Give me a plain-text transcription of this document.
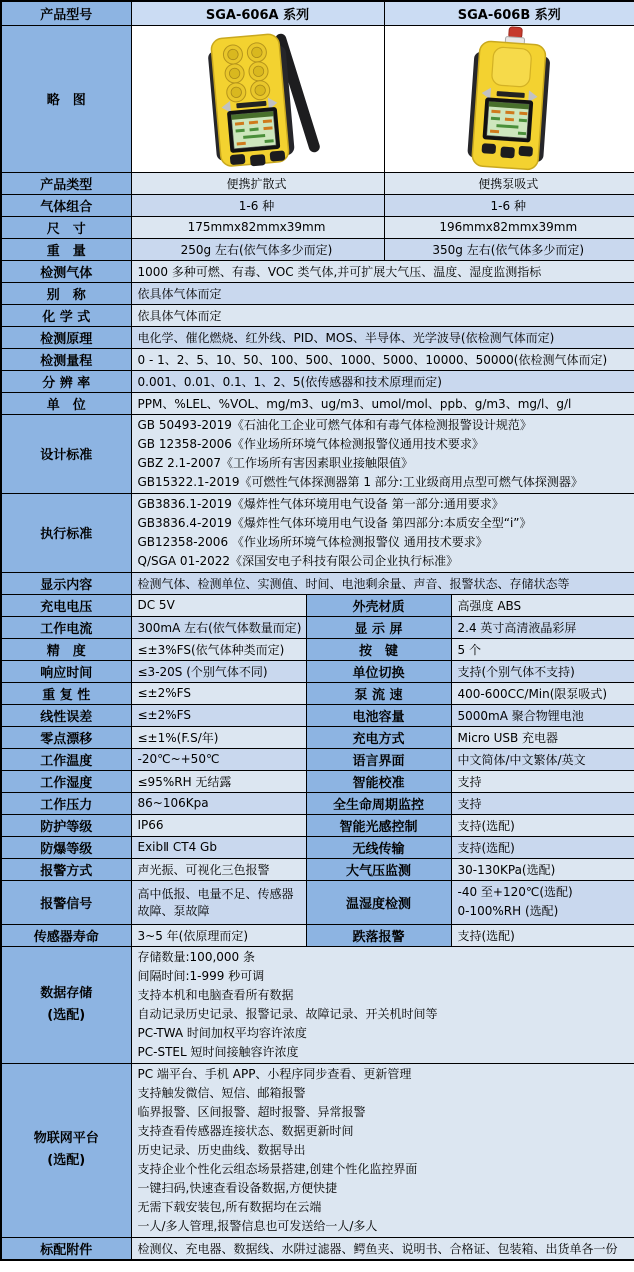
产品型号	SGA-606A 系列		SGA-606B 系列	
略　图	

产品类型	便携扩散式		便携泵吸式	
气体组合	1-6 种		1-6 种	
尺　寸	175mmx82mmx39mm		196mmx82mmx39mm	
重　量	250g 左右(依气体多少而定)		350g 左右(依气体多少而定)	
检测气体	1000 多种可燃、有毒、VOC 类气体,并可扩展大气压、温度、湿度监测指标			
别　称	依具体气体而定			
化 学 式	依具体气体而定			
检测原理	电化学、催化燃烧、红外线、PID、MOS、半导体、光学波导(依检测气体而定)			
检测量程	0 - 1、2、5、10、50、100、500、1000、5000、10000、50000(依检测气体而定)			
分 辨 率	0.001、0.01、0.1、1、2、5(依传感器和技术原理而定)			
单　位	PPM、%LEL、%VOL、mg/m3、ug/m3、umol/mol、ppb、g/m3、mg/l、g/l			
设计标准	GB 50493-2019《石油化工企业可燃气体和有毒气体检测报警设计规范》
GB 12358-2006《作业场所环境气体检测报警仪通用技术要求》
GBZ 2.1-2007《工作场所有害因素职业接触限值》
GB15322.1-2019《可燃性气体探测器第 1 部分:工业级商用点型可燃气体探测器》			

执行标准	GB3836.1-2019《爆炸性气体环境用电气设备 第一部分:通用要求》
GB3836.4-2019《爆炸性气体环境用电气设备 第四部分:本质安全型“i”》
GB12358-2006 《作业场所环境气体检测报警仪 通用技术要求》
Q/SGA 01-2022《深国安电子科技有限公司企业执行标准》			

显示内容	检测气体、检测单位、实测值、时间、电池剩余量、声音、报警状态、存储状态等			
充电电压	DC 5V	外壳材质		高强度 ABS
工作电流	300mA 左右(依气体数量而定)	显 示 屏		2.4 英寸高清液晶彩屏
精　度	≤±3%FS(依气体种类而定)	按　键		5 个
响应时间	≤3-20S (个别气体不同)	单位切换		支持(个别气体不支持)
重 复 性	≤±2%FS	泵 流 速		400-600CC/Min(限泵吸式)
线性误差	≤±2%FS	电池容量		5000mA 聚合物锂电池
零点漂移	≤±1%(F.S/年)	充电方式		Micro USB 充电器
工作温度	-20℃~+50℃	语言界面		中文简体/中文繁体/英文
工作湿度	≤95%RH 无结露	智能校准		支持
工作压力	86~106Kpa	全生命周期监控		支持
防护等级	IP66	智能光感控制		支持(选配)
防爆等级	ExibⅡ CT4 Gb	无线传输		支持(选配)
报警方式	声光振、可视化三色报警	大气压监测		30-130KPa(选配)
报警信号	高中低报、电量不足、传感器故障、泵故障	温湿度检测		-40 至+120℃(选配)
0-100%RH (选配)

传感器寿命	3~5 年(依原理而定)	跌落报警		支持(选配)

数据存储
(选配)

存储数量:100,000 条
间隔时间:1-999 秒可调
支持本机和电脑查看所有数据
自动记录历史记录、报警记录、故障记录、开关机时间等
PC-TWA 时间加权平均容许浓度
PC-STEL 短时间接触容许浓度

物联网平台
(选配)

PC 端平台、手机 APP、小程序同步查看、更新管理
支持触发微信、短信、邮箱报警
临界报警、区间报警、超时报警、异常报警
支持查看传感器连接状态、数据更新时间
历史记录、历史曲线、数据导出
支持企业个性化云组态场景搭建,创建个性化监控界面
一键扫码,快速查看设备数据,方便快捷
无需下载安装包,所有数据均在云端
一人/多人管理,报警信息也可发送给一人/多人

标配附件	检测仪、充电器、数据线、水阱过滤器、鳄鱼夹、说明书、合格证、包装箱、出货单各一份			
